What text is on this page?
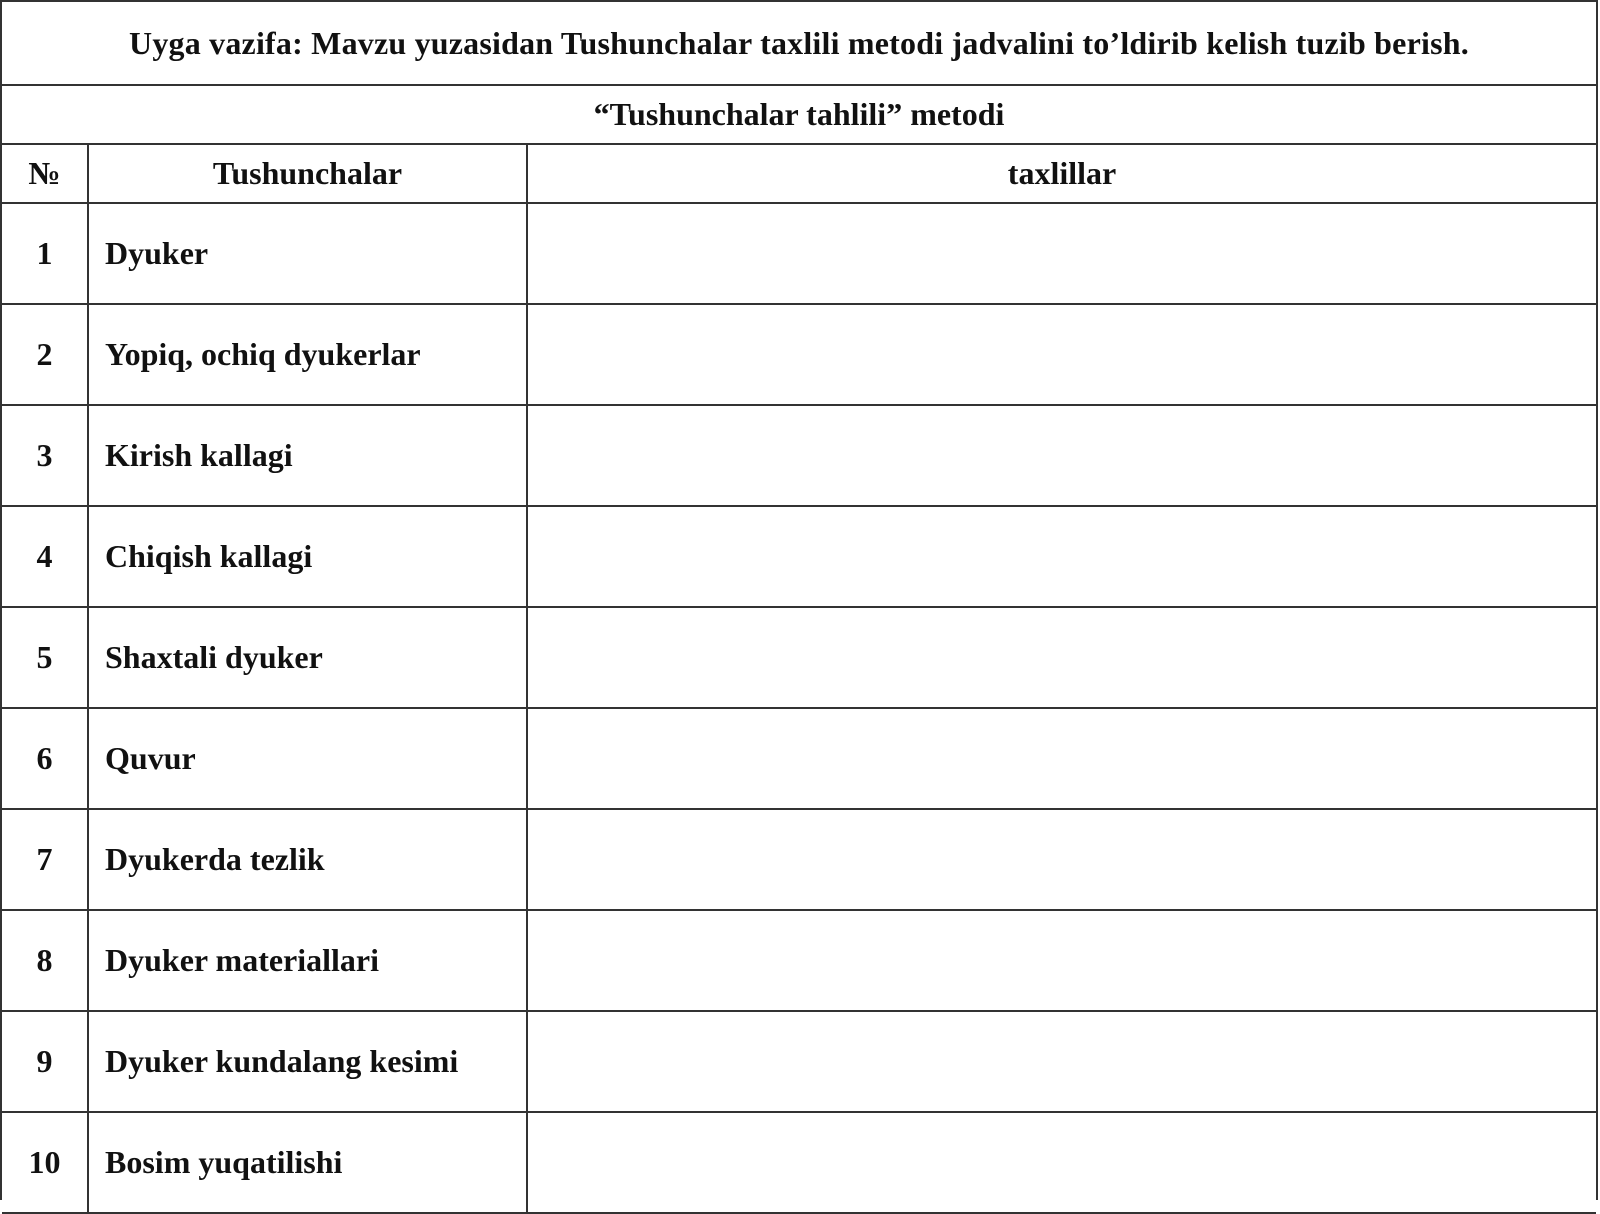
Uyga vazifa: Mavzu yuzasidan Tushunchalar taxlili metodi jadvalini to’ldirib kelish tuzib berish.
“Tushunchalar tahlili” metodi
№	Tushunchalar	taxlillar
1	Dyuker	
2	Yopiq, ochiq dyukerlar	
3	Kirish kallagi	
4	Chiqish kallagi	
5	Shaxtali dyuker	
6	Quvur	
7	Dyukerda tezlik	
8	Dyuker materiallari	
9	Dyuker kundalang kesimi	
10	Bosim yuqatilishi	
